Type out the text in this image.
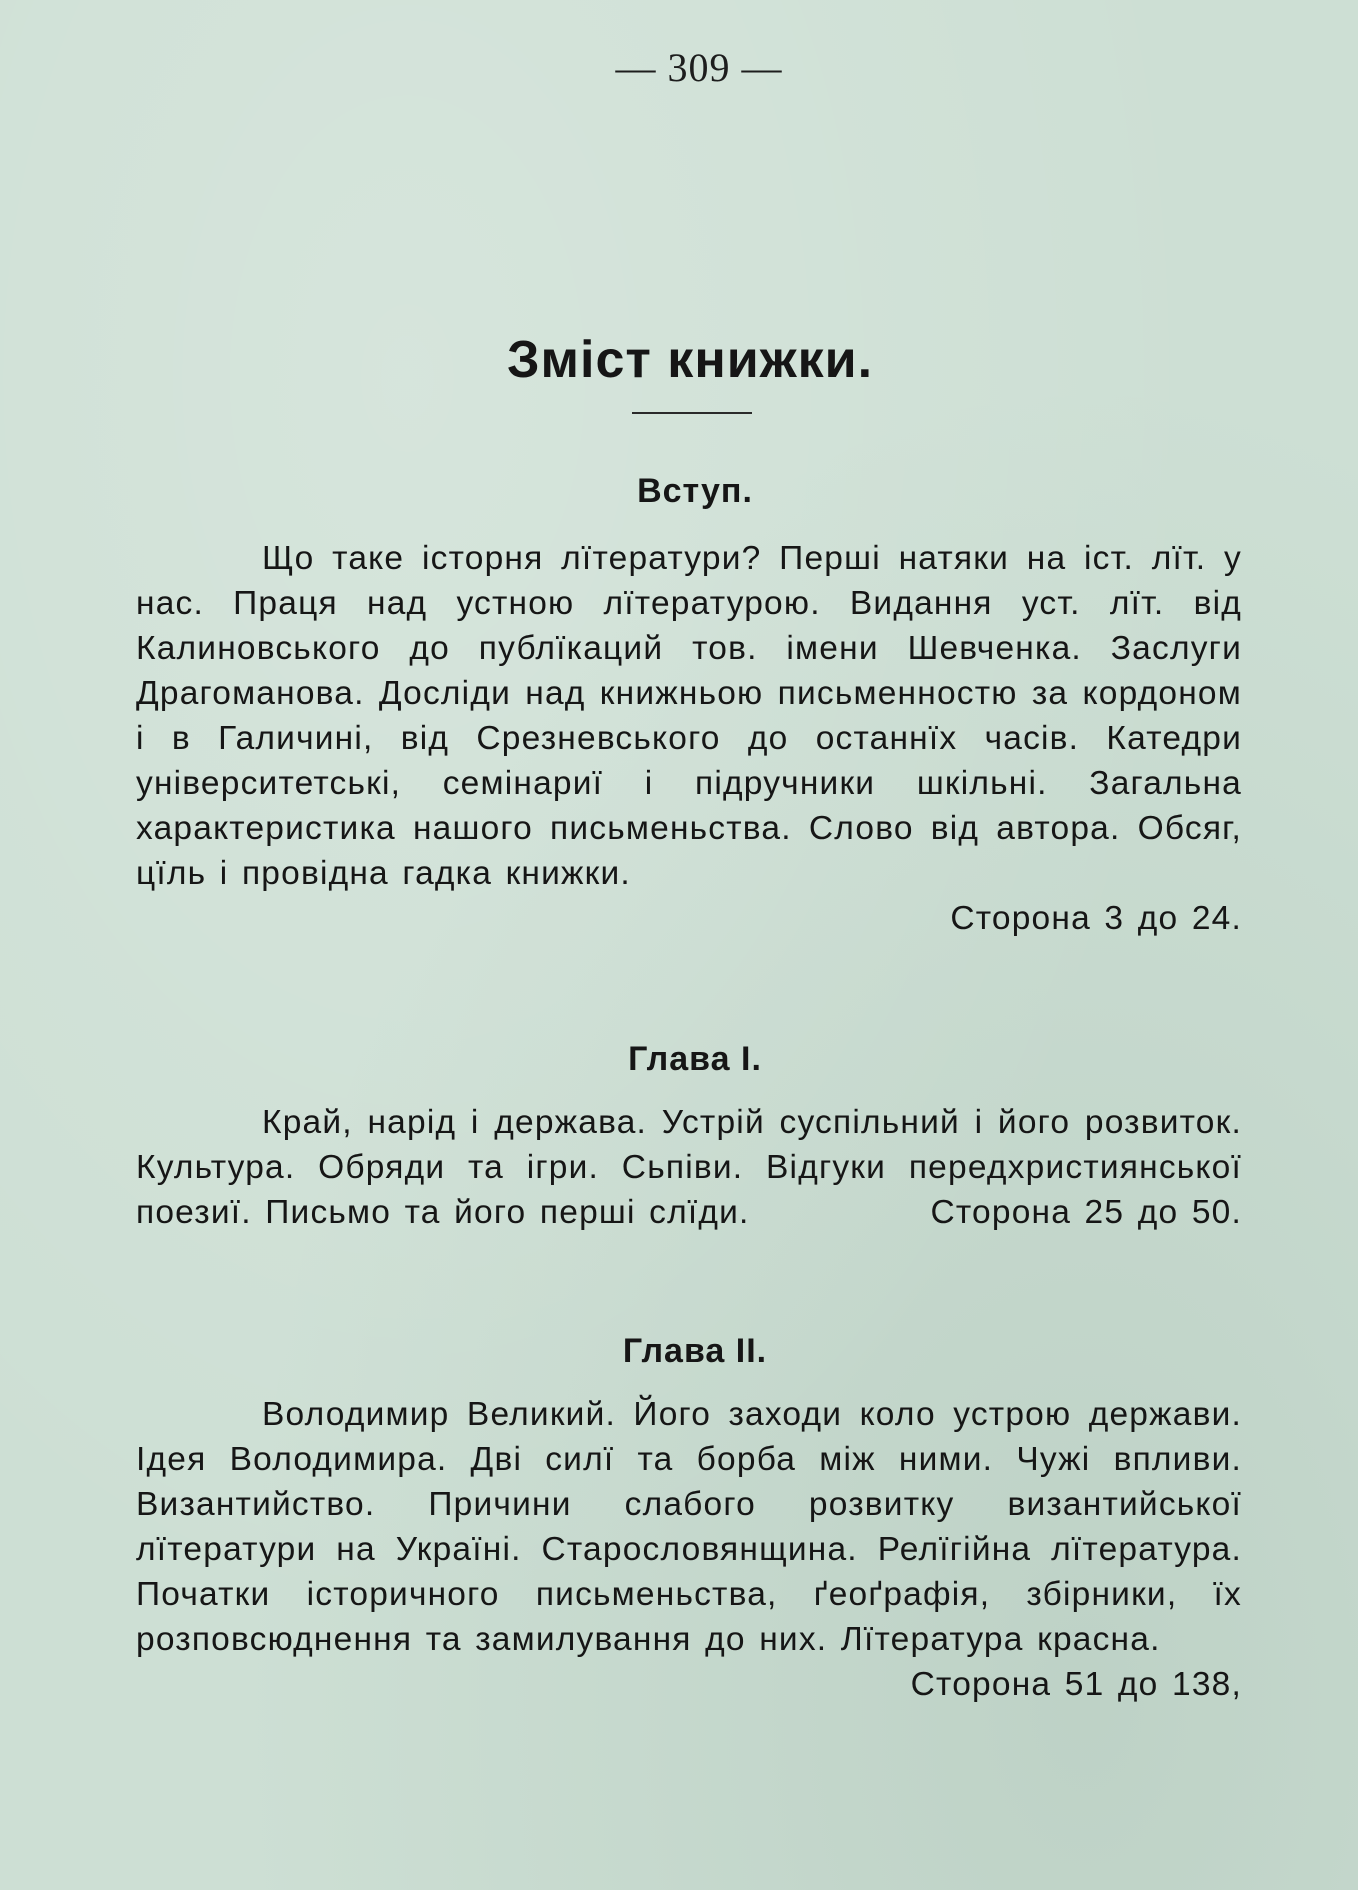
— 309 —
Зміст книжки.
Вступ.
Що таке історня лїтератури? Перші натяки на іст. лїт. у нас. Праця над устною лїтературою. Видання уст. лїт. від Калиновського до публїкаций тов. імени Шевченка. Заслуги Драгоманова. Досліди над книжньою письменностю за кордоном і в Галичині, від Срезневського до останнїх часів. Катедри університетські, семінариї і підручники шкільні. Загальна характеристика нашого письменьства. Слово від автора. Обсяг, цїль і провідна гадка книжки.
Сторона 3 до 24.
Глава I.
Край, нарід і держава. Устрій суспільний і його розвиток. Культура. Обряди та ігри. Сьпіви. Відгуки передхристиянської поезиї. Письмо та його перші слїди.	Сторона 25 до 50.
Глава II.
Володимир Великий. Його заходи коло устрою держави. Ідея Володимира. Дві силї та борба між ними. Чужі впливи. Византийство. Причини слабого розвитку византийської лїтератури на Україні. Старословянщина. Релїгійна лїтература. Початки історичного письменьства, ґеоґрафія, збірники, їх розповсюднення та замилування до них. Лїтература красна.
Сторона 51 до 138,
